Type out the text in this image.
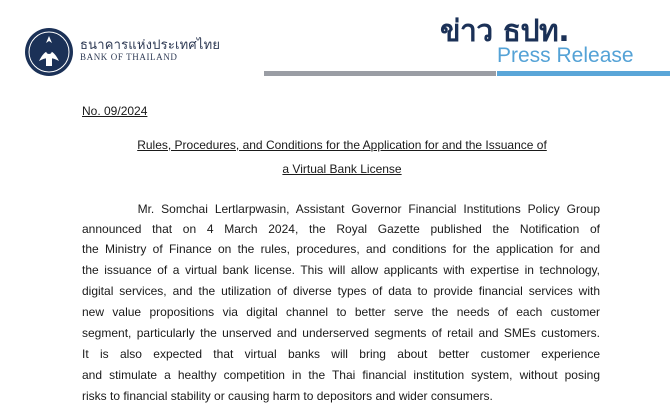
ธนาคารแห่งประเทศไทย
BANK OF THAILAND
ข่าว ธปท.
Press Release
No. 09/2024
Rules, Procedures, and Conditions for the Application for and the Issuance of
a Virtual Bank License
Mr. Somchai Lertlarpwasin, Assistant Governor Financial Institutions Policy Group
announced that on 4 March 2024, the Royal Gazette published the Notification of
the Ministry of Finance on the rules, procedures, and conditions for the application for and
the issuance of a virtual bank license. This will allow applicants with expertise in technology,
digital services, and the utilization of diverse types of data to provide financial services with
new value propositions via digital channel to better serve the needs of each customer
segment, particularly the unserved and underserved segments of retail and SMEs customers.
It is also expected that virtual banks will bring about better customer experience
and stimulate a healthy competition in the Thai financial institution system, without posing
risks to financial stability or causing harm to depositors and wider consumers.
